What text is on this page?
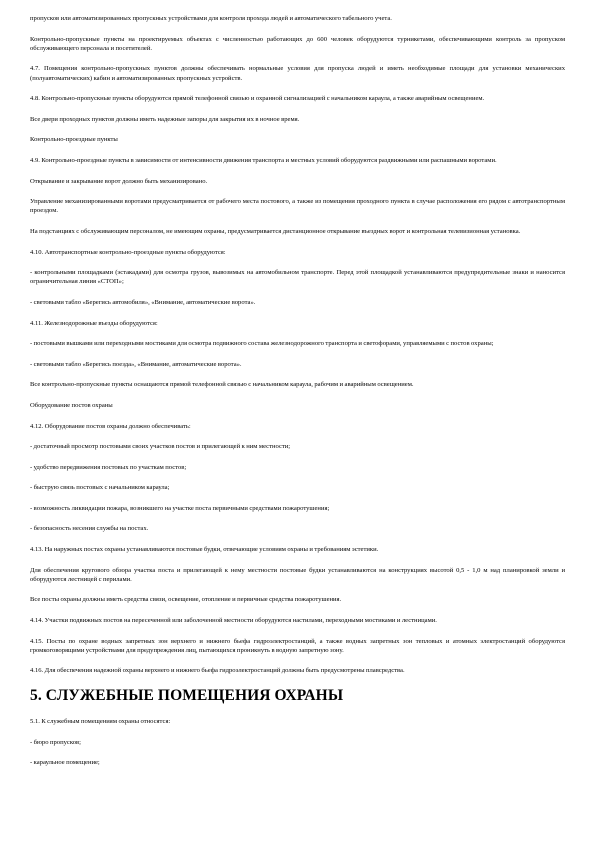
пропусков или автоматизированных пропускных устройствами для контроля прохода людей и автоматического табельного учета.

Контрольно-пропускные пункты на проектируемых объектах с численностью работающих до 600 человек оборудуются турникетами, обеспечивающими контроль за пропуском обслуживающего персонала и посетителей.

4.7. Помещения контрольно-пропускных пунктов должны обеспечивать нормальные условия для пропуска людей и иметь необходимые площади для установки механических (полуавтоматических) кабин и автоматизированных пропускных устройств.

4.8. Контрольно-пропускные пункты оборудуются прямой телефонной связью и охранной сигнализацией с начальником караула, а также аварийным освещением.

Все двери проходных пунктов должны иметь надежные запоры для закрытия их в ночное время.

Контрольно-проездные пункты

4.9. Контрольно-проездные пункты в зависимости от интенсивности движения транспорта и местных условий оборудуются раздвижными или распашными воротами.

Открывание и закрывание ворот должно быть механизировано.

Управление механизированными воротами предусматривается от рабочего места постового, а также из помещения проходного пункта в случае расположения его рядом с автотранспортным проездом.

На подстанциях с обслуживающим персоналом, не имеющим охраны, предусматривается дистанционное открывание въездных ворот и контрольная телевизионная установка.

4.10. Автотранспортные контрольно-проездные пункты оборудуются:

- контрольными площадками (эстакадами) для осмотра грузов, вывозимых на автомобильном транспорте. Перед этой площадкой устанавливаются предупредительные знаки и наносится ограничительная линия «СТОП»;

- световыми табло «Берегись автомобиля», «Внимание, автоматические ворота».

4.11. Железнодорожные въезды оборудуются:

- постовыми вышками или переходными мостиками для осмотра подвижного состава железнодорожного транспорта и светофорами, управляемыми с постов охраны;

- световыми табло «Берегись поезда», «Внимание, автоматические ворота».

Все контрольно-пропускные пункты оснащаются прямой телефонной связью с начальником караула, рабочим и аварийным освещением.

Оборудование постов охраны

4.12. Оборудование постов охраны должно обеспечивать:

- достаточный просмотр постовыми своих участков постов и прилегающей к ним местности;

- удобство передвижения постовых по участкам постов;

- быструю связь постовых с начальником караула;

- возможность ликвидации пожара, возникшего на участке поста первичными средствами пожаротушения;

- безопасность несения службы на постах.

4.13. На наружных постах охраны устанавливаются постовые будки, отвечающие условиям охраны и требованиям эстетики.

Для обеспечения кругового обзора участка поста и прилегающей к нему местности постовые будки устанавливаются на конструкциях высотой 0,5 - 1,0 м над планировкой земли и оборудуются лестницей с перилами.

Все посты охраны должны иметь средства связи, освещение, отопление и первичные средства пожаротушения.

4.14. Участки подвижных постов на пересеченной или заболоченной местности оборудуются настилами, переходными мостиками и лестницами.

4.15. Посты по охране водных запретных зон верхнего и нижнего бьефа гидроэлектростанций, а также водных запретных зон тепловых и атомных электростанций оборудуются громкоговорящими устройствами для предупреждения лиц, пытающихся проникнуть в водную запретную зону.

4.16. Для обеспечения надежной охраны верхнего и нижнего бьефа гидроэлектростанций должны быть предусмотрены плавсредства.

5. СЛУЖЕБНЫЕ ПОМЕЩЕНИЯ ОХРАНЫ

5.1. К служебным помещениям охраны относятся:

- бюро пропусков;

- караульное помещение;
